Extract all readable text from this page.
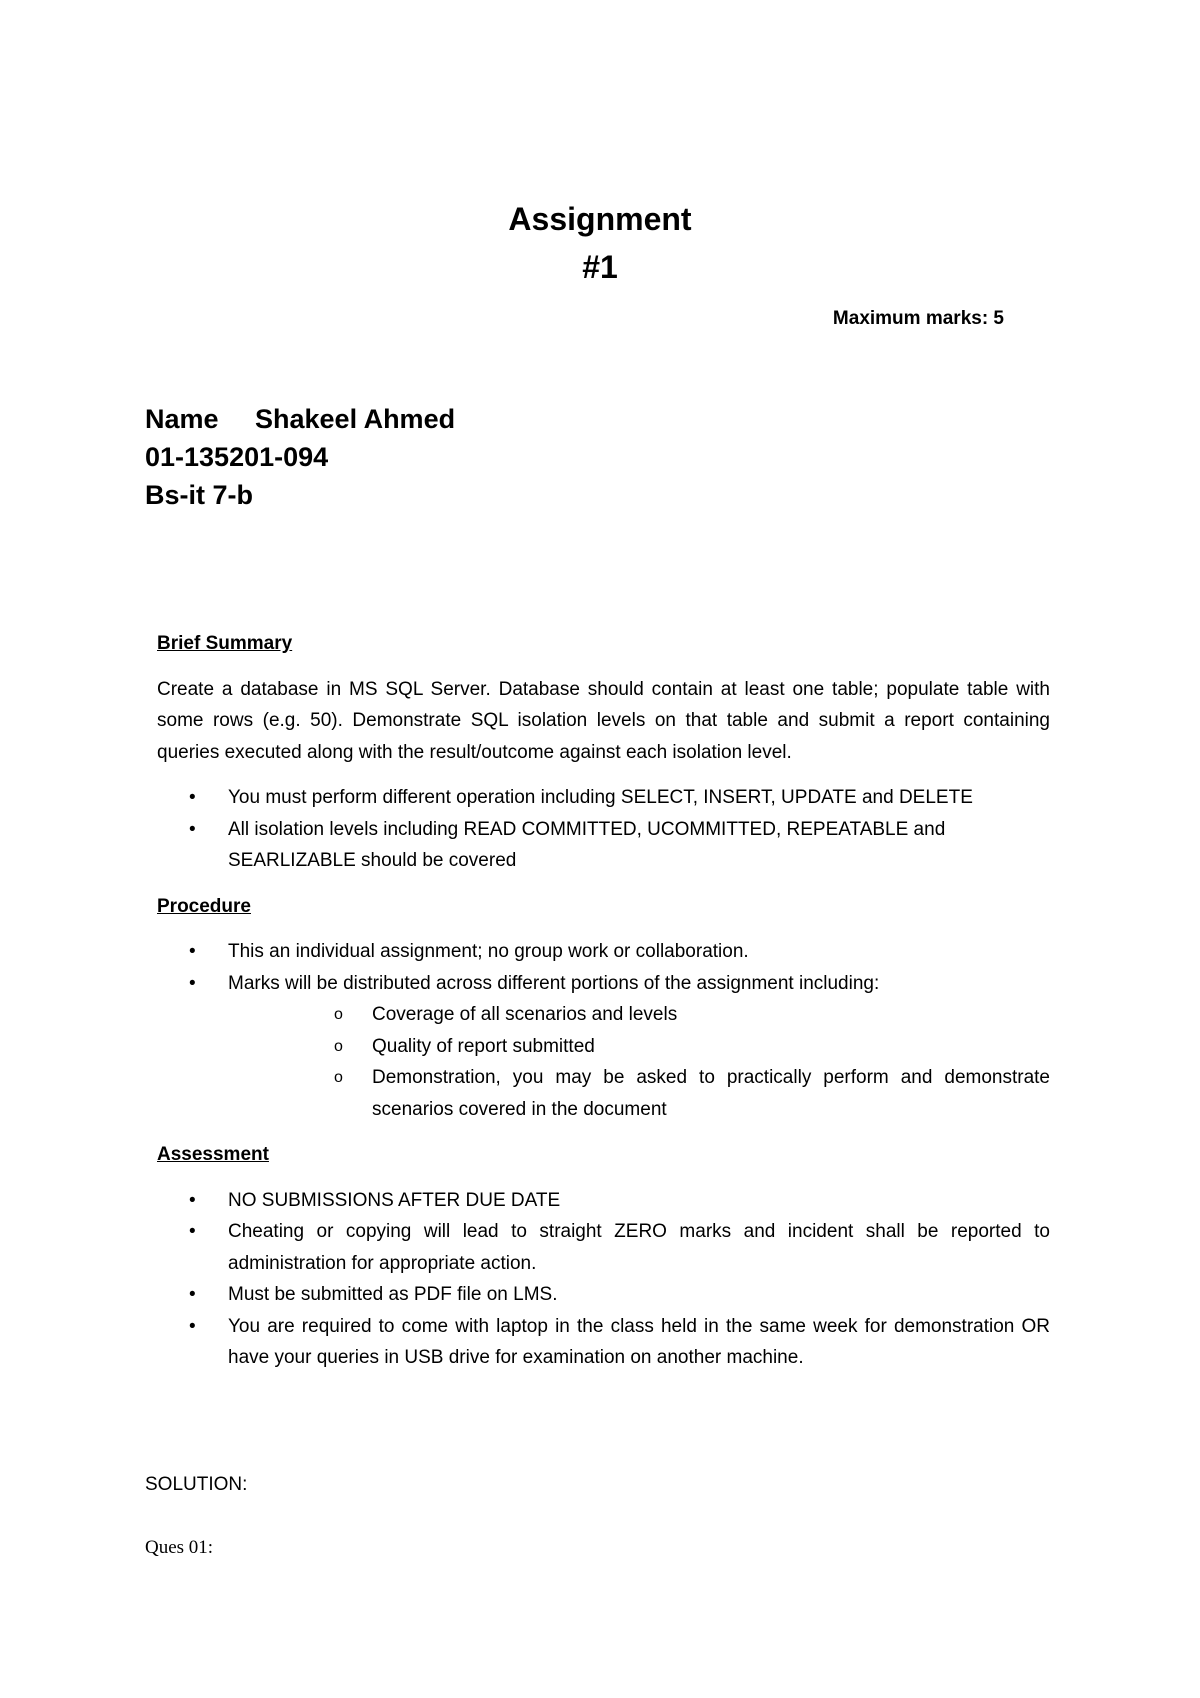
Assignment
#1
Maximum marks: 5
Name Shakeel Ahmed
01-135201-094
Bs-it 7-b
Brief Summary
Create a database in MS SQL Server. Database should contain at least one table; populate table with some rows (e.g. 50). Demonstrate SQL isolation levels on that table and submit a report containing queries executed along with the result/outcome against each isolation level.
• You must perform different operation including SELECT, INSERT, UPDATE and DELETE
• All isolation levels including READ COMMITTED, UCOMMITTED, REPEATABLE and SEARLIZABLE should be covered
Procedure
• This an individual assignment; no group work or collaboration.
• Marks will be distributed across different portions of the assignment including:
o Coverage of all scenarios and levels
o Quality of report submitted
o Demonstration, you may be asked to practically perform and demonstrate scenarios covered in the document
Assessment
• NO SUBMISSIONS AFTER DUE DATE
• Cheating or copying will lead to straight ZERO marks and incident shall be reported to administration for appropriate action.
• Must be submitted as PDF file on LMS.
• You are required to come with laptop in the class held in the same week for demonstration OR have your queries in USB drive for examination on another machine.
SOLUTION:
Ques 01:
